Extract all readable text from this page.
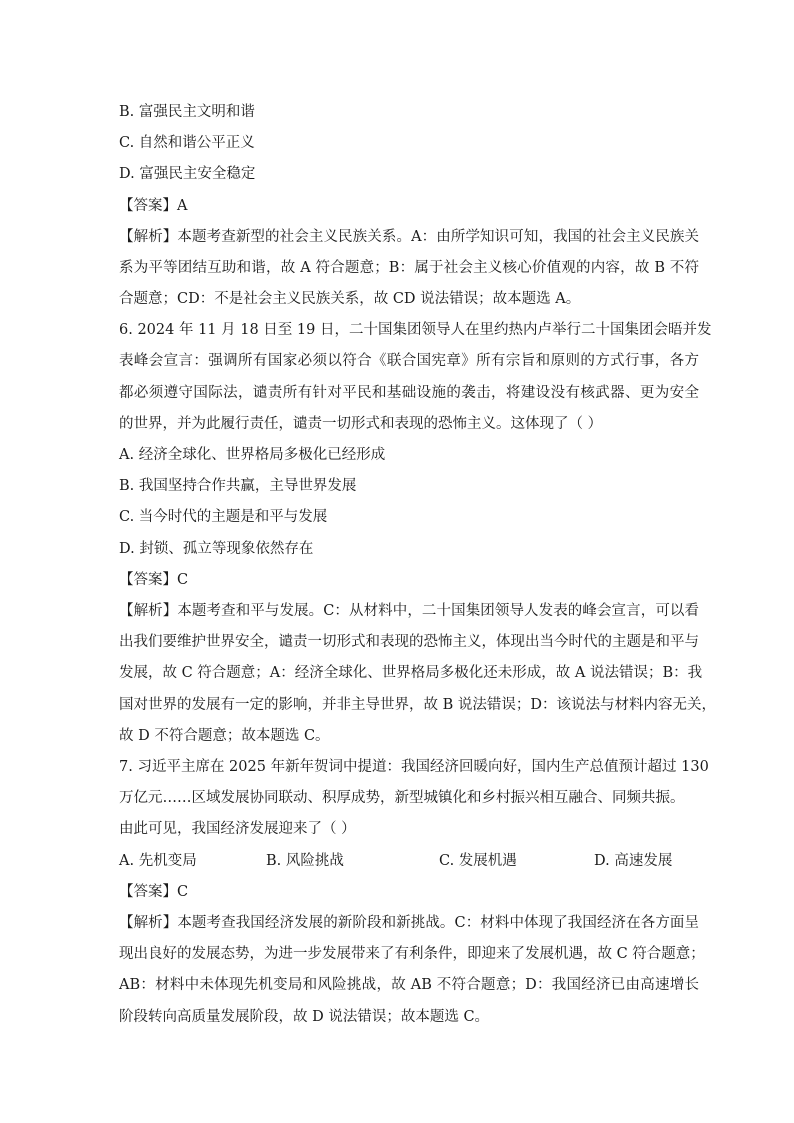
B. 富强民主文明和谐
C. 自然和谐公平正义
D. 富强民主安全稳定
【答案】A
【解析】本题考查新型的社会主义民族关系。A：由所学知识可知，我国的社会主义民族关
系为平等团结互助和谐，故 A 符合题意；B：属于社会主义核心价值观的内容，故 B 不符
合题意；CD：不是社会主义民族关系，故 CD 说法错误；故本题选 A。
6. 2024 年 11 月 18 日至 19 日，二十国集团领导人在里约热内卢举行二十国集团会晤并发
表峰会宣言：强调所有国家必须以符合《联合国宪章》所有宗旨和原则的方式行事，各方
都必须遵守国际法，谴责所有针对平民和基础设施的袭击，将建设没有核武器、更为安全
的世界，并为此履行责任，谴责一切形式和表现的恐怖主义。这体现了（ ）
A. 经济全球化、世界格局多极化已经形成
B. 我国坚持合作共赢，主导世界发展
C. 当今时代的主题是和平与发展
D. 封锁、孤立等现象依然存在
【答案】C
【解析】本题考查和平与发展。C：从材料中，二十国集团领导人发表的峰会宣言，可以看
出我们要维护世界安全，谴责一切形式和表现的恐怖主义，体现出当今时代的主题是和平与
发展，故 C 符合题意；A：经济全球化、世界格局多极化还未形成，故 A 说法错误；B：我
国对世界的发展有一定的影响，并非主导世界，故 B 说法错误；D：该说法与材料内容无关，
故 D 不符合题意；故本题选 C。
7. 习近平主席在 2025 年新年贺词中提道：我国经济回暖向好，国内生产总值预计超过 130
万亿元……区域发展协同联动、积厚成势，新型城镇化和乡村振兴相互融合、同频共振。
由此可见，我国经济发展迎来了（ ）
A. 先机变局	B. 风险挑战	C. 发展机遇	D. 高速发展
【答案】C
【解析】本题考查我国经济发展的新阶段和新挑战。C：材料中体现了我国经济在各方面呈
现出良好的发展态势，为进一步发展带来了有利条件，即迎来了发展机遇，故 C 符合题意；
AB：材料中未体现先机变局和风险挑战，故 AB 不符合题意；D：我国经济已由高速增长
阶段转向高质量发展阶段，故 D 说法错误；故本题选 C。
